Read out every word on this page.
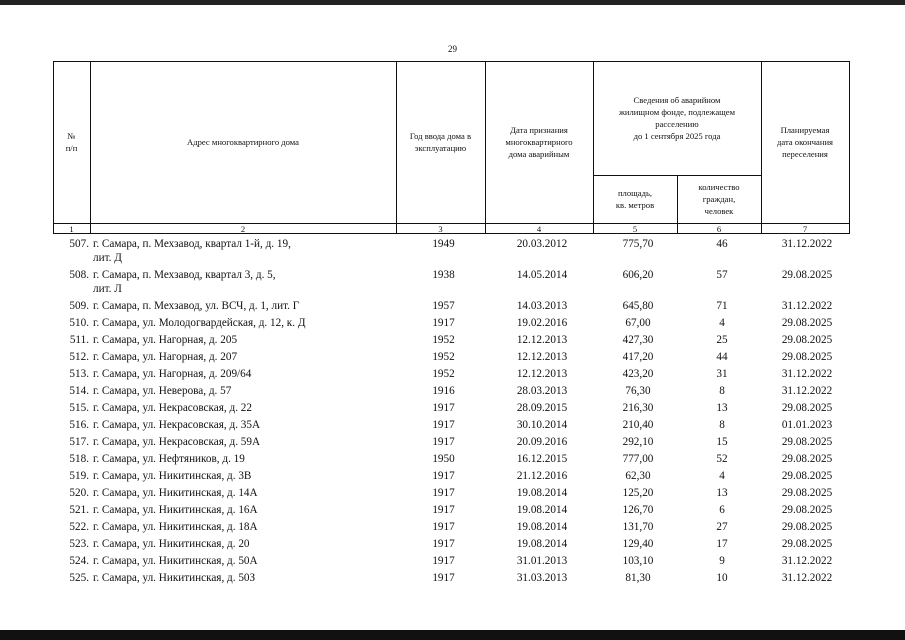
29
№
п/п
Адрес многоквартирного дома
Год ввода дома в
эксплуатацию
Дата признания
многоквартирного
дома аварийным
Сведения об аварийном
жилищном фонде, подлежащем
расселению
до 1 сентября 2025 года
площадь,
кв. метров
количество
граждан,
человек
Планируемая
дата окончания
переселения
1	2	3	4	5	6	7
507.	г. Самара, п. Мехзавод, квартал 1-й, д. 19,
лит. Д	1949	20.03.2012	775,70	46	31.12.2022
508.	г. Самара, п. Мехзавод, квартал 3, д. 5,
лит. Л	1938	14.05.2014	606,20	57	29.08.2025
509.	г. Самара, п. Мехзавод, ул. ВСЧ, д. 1, лит. Г	1957	14.03.2013	645,80	71	31.12.2022
510.	г. Самара, ул. Молодогвардейская, д. 12, к. Д	1917	19.02.2016	67,00	4	29.08.2025
511.	г. Самара, ул. Нагорная, д. 205	1952	12.12.2013	427,30	25	29.08.2025
512.	г. Самара, ул. Нагорная, д. 207	1952	12.12.2013	417,20	44	29.08.2025
513.	г. Самара, ул. Нагорная, д. 209/64	1952	12.12.2013	423,20	31	31.12.2022
514.	г. Самара, ул. Неверова, д. 57	1916	28.03.2013	76,30	8	31.12.2022
515.	г. Самара, ул. Некрасовская, д. 22	1917	28.09.2015	216,30	13	29.08.2025
516.	г. Самара, ул. Некрасовская, д. 35А	1917	30.10.2014	210,40	8	01.01.2023
517.	г. Самара, ул. Некрасовская, д. 59А	1917	20.09.2016	292,10	15	29.08.2025
518.	г. Самара, ул. Нефтяников, д. 19	1950	16.12.2015	777,00	52	29.08.2025
519.	г. Самара, ул. Никитинская, д. 3В	1917	21.12.2016	62,30	4	29.08.2025
520.	г. Самара, ул. Никитинская, д. 14А	1917	19.08.2014	125,20	13	29.08.2025
521.	г. Самара, ул. Никитинская, д. 16А	1917	19.08.2014	126,70	6	29.08.2025
522.	г. Самара, ул. Никитинская, д. 18А	1917	19.08.2014	131,70	27	29.08.2025
523.	г. Самара, ул. Никитинская, д. 20	1917	19.08.2014	129,40	17	29.08.2025
524.	г. Самара, ул. Никитинская, д. 50А	1917	31.01.2013	103,10	9	31.12.2022
525.	г. Самара, ул. Никитинская, д. 50З	1917	31.03.2013	81,30	10	31.12.2022
